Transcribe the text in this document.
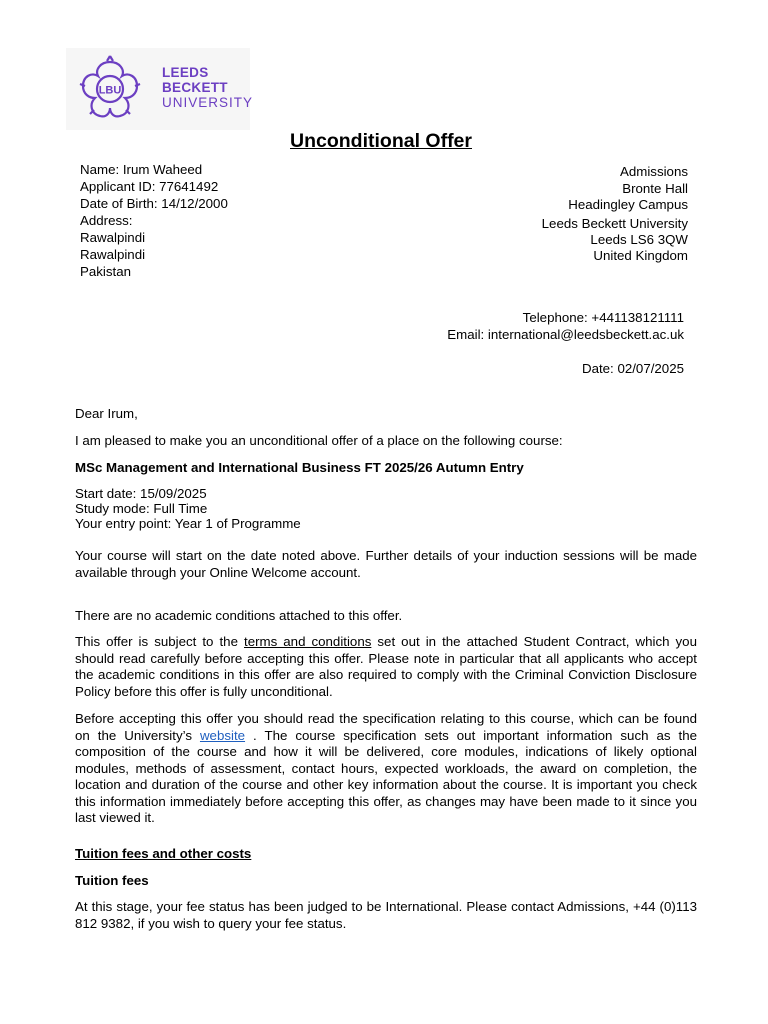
LBU
LEEDS
BECKETT
UNIVERSITY
Unconditional Offer
Name: Irum Waheed
Applicant ID: 77641492
Date of Birth: 14/12/2000
Address:
Rawalpindi
Rawalpindi
Pakistan
Admissions
Bronte Hall
Headingley Campus
Leeds Beckett University
Leeds LS6 3QW
United Kingdom
Telephone: +441138121111
Email: international@leedsbeckett.ac.uk
Date: 02/07/2025
Dear Irum,
I am pleased to make you an unconditional offer of a place on the following course:
MSc Management and International Business FT 2025/26 Autumn Entry
Start date: 15/09/2025
Study mode: Full Time
Your entry point: Year 1 of Programme

Your course will start on the date noted above. Further details of your induction sessions will be made available through your Online Welcome account.

There are no academic conditions attached to this offer.

This offer is subject to the terms and conditions set out in the attached Student Contract, which you should read carefully before accepting this offer. Please note in particular that all applicants who accept the academic conditions in this offer are also required to comply with the Criminal Conviction Disclosure Policy before this offer is fully unconditional.

Before accepting this offer you should read the specification relating to this course, which can be found on the University’s website . The course specification sets out important information such as the composition of the course and how it will be delivered, core modules, indications of likely optional modules, methods of assessment, contact hours, expected workloads, the award on completion, the location and duration of the course and other key information about the course. It is important you check this information immediately before accepting this offer, as changes may have been made to it since you last viewed it.

Tuition fees and other costs
Tuition fees

At this stage, your fee status has been judged to be International. Please contact Admissions, +44 (0)113 812 9382, if you wish to query your fee status.
